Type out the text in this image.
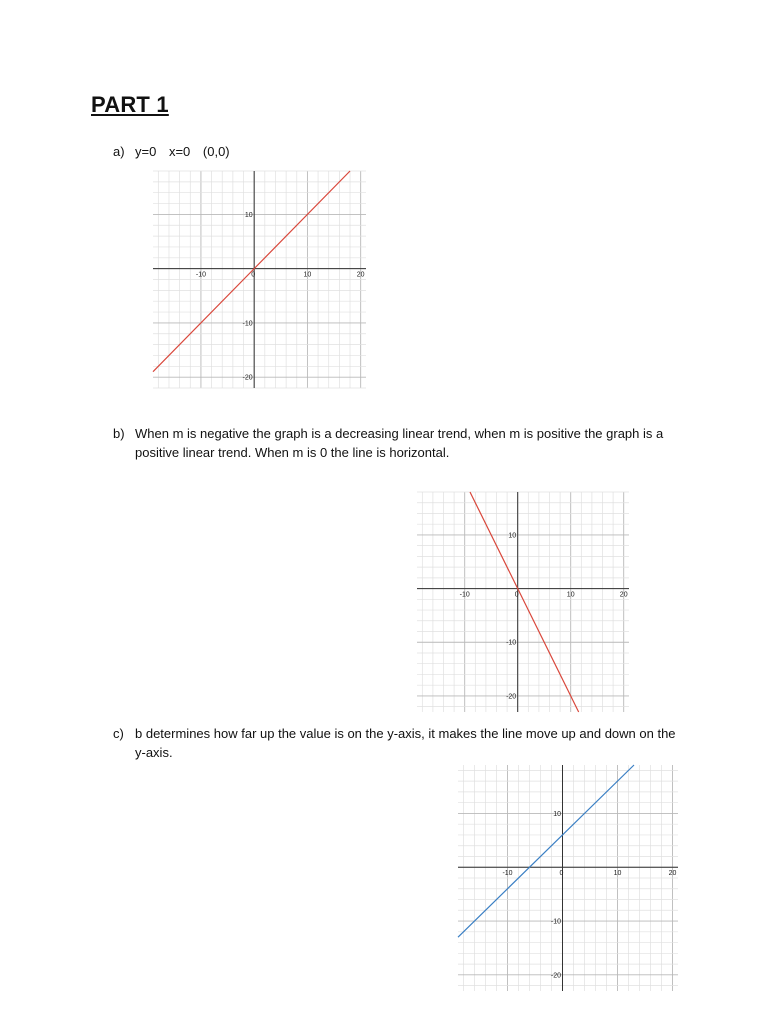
PART 1
a) y=0 x=0 (0,0)
-10	0	10	20
10
-10
-20
b) When m is negative the graph is a decreasing linear trend, when m is positive the graph is a positive linear trend. When m is 0 the line is horizontal.
-10	0	10	20
10
-10
-20
c) b determines how far up the value is on the y-axis, it makes the line move up and down on the y-axis.
-10	0	10	20
10
-10
-20
